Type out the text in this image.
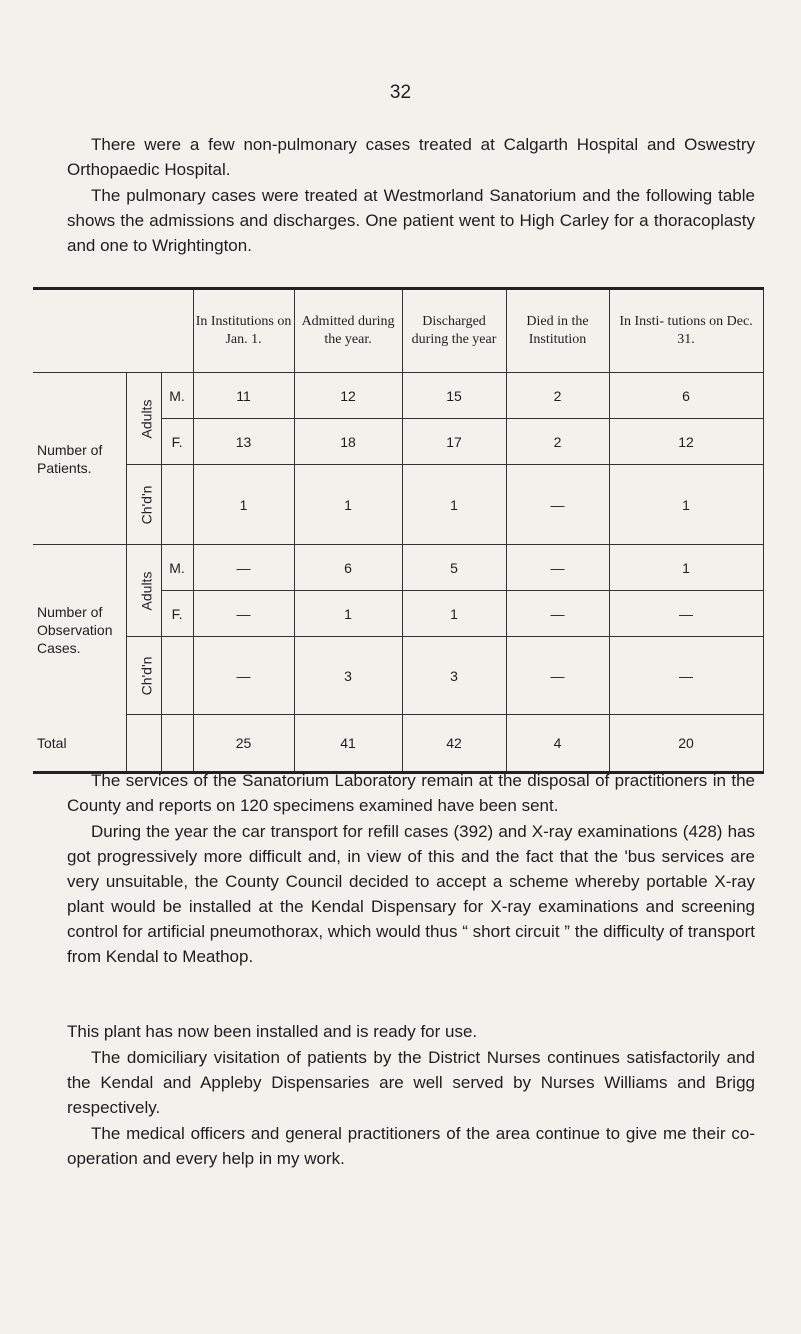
32

There were a few non-pulmonary cases treated at Calgarth Hospital and Oswestry Orthopaedic Hospital.

The pulmonary cases were treated at Westmorland Sanatorium and the following table shows the admissions and discharges. One patient went to High Carley for a thoracoplasty and one to Wrightington.

			In Institutions on Jan. 1.	Admitted during the year.	Discharged during the year	Died in the Institution	In Insti- tutions on Dec. 31.
Number of Patients.	Adults	M.	11	12	15	2	6
		F.	13	18	17	2	12
	Ch'd'n		1	1	1	—	1
Number of Observation Cases.	Adults	M.	—	6	5	—	1
		F.	—	1	1	—	—
	Ch'd'n		—	3	3	—	—
Total			25	41	42	4	20

The services of the Sanatorium Laboratory remain at the disposal of practitioners in the County and reports on 120 specimens examined have been sent.

During the year the car transport for refill cases (392) and X-ray examinations (428) has got progressively more difficult and, in view of this and the fact that the 'bus services are very unsuitable, the County Council decided to accept a scheme whereby portable X-ray plant would be installed at the Kendal Dispensary for X-ray examinations and screening control for artificial pneumothorax, which would thus “ short circuit ” the difficulty of transport from Kendal to Meathop.

This plant has now been installed and is ready for use.

The domiciliary visitation of patients by the District Nurses continues satisfactorily and the Kendal and Appleby Dispensaries are well served by Nurses Williams and Brigg respectively.

The medical officers and general practitioners of the area continue to give me their co-operation and every help in my work.
